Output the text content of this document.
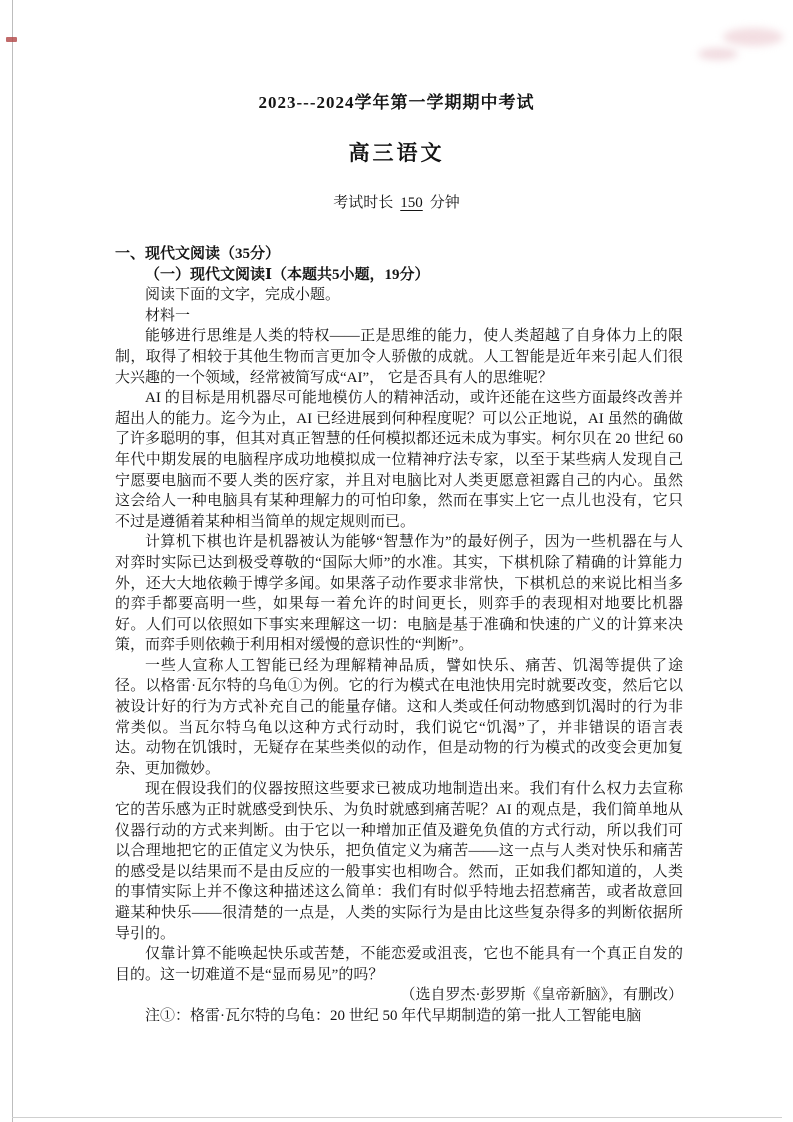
2023---2024学年第一学期期中考试
高三语文

考试时长 150 分钟

一、现代文阅读（35分）

（一）现代文阅读Ⅰ（本题共5小题，19分）

阅读下面的文字，完成小题。

材料一

能够进行思维是人类的特权——正是思维的能力，使人类超越了自身体力上的限制，取得了相较于其他生物而言更加令人骄傲的成就。人工智能是近年来引起人们很大兴趣的一个领域，经常被简写成“AI”， 它是否具有人的思维呢？

AI 的目标是用机器尽可能地模仿人的精神活动，或许还能在这些方面最终改善并超出人的能力。迄今为止，AI 已经进展到何种程度呢？可以公正地说，AI 虽然的确做了许多聪明的事，但其对真正智慧的任何模拟都还远未成为事实。柯尔贝在 20 世纪 60 年代中期发展的电脑程序成功地模拟成一位精神疗法专家，以至于某些病人发现自己宁愿要电脑而不要人类的医疗家，并且对电脑比对人类更愿意袒露自己的内心。虽然这会给人一种电脑具有某种理解力的可怕印象，然而在事实上它一点儿也没有，它只不过是遵循着某种相当简单的规定规则而已。

计算机下棋也许是机器被认为能够“智慧作为”的最好例子，因为一些机器在与人对弈时实际已达到极受尊敬的“国际大师”的水准。其实，下棋机除了精确的计算能力外，还大大地依赖于博学多闻。如果落子动作要求非常快，下棋机总的来说比相当多的弈手都要高明一些，如果每一着允许的时间更长，则弈手的表现相对地要比机器好。人们可以依照如下事实来理解这一切：电脑是基于准确和快速的广义的计算来决策，而弈手则依赖于利用相对缓慢的意识性的“判断”。

一些人宣称人工智能已经为理解精神品质，譬如快乐、痛苦、饥渴等提供了途径。以格雷·瓦尔特的乌龟①为例。它的行为模式在电池快用完时就要改变，然后它以被设计好的行为方式补充自己的能量存储。这和人类或任何动物感到饥渴时的行为非常类似。当瓦尔特乌龟以这种方式行动时，我们说它“饥渴”了，并非错误的语言表达。动物在饥饿时，无疑存在某些类似的动作，但是动物的行为模式的改变会更加复杂、更加微妙。

现在假设我们的仪器按照这些要求已被成功地制造出来。我们有什么权力去宣称它的苦乐感为正时就感受到快乐、为负时就感到痛苦呢？AI 的观点是，我们简单地从仪器行动的方式来判断。由于它以一种增加正值及避免负值的方式行动，所以我们可以合理地把它的正值定义为快乐，把负值定义为痛苦——这一点与人类对快乐和痛苦的感受是以结果而不是由反应的一般事实也相吻合。然而，正如我们都知道的，人类的事情实际上并不像这种描述这么简单：我们有时似乎特地去招惹痛苦，或者故意回避某种快乐——很清楚的一点是，人类的实际行为是由比这些复杂得多的判断依据所导引的。

仅靠计算不能唤起快乐或苦楚，不能恋爱或沮丧，它也不能具有一个真正自发的目的。这一切难道不是“显而易见”的吗？

（选自罗杰·彭罗斯《皇帝新脑》，有删改）

注①：格雷·瓦尔特的乌龟：20 世纪 50 年代早期制造的第一批人工智能电脑
